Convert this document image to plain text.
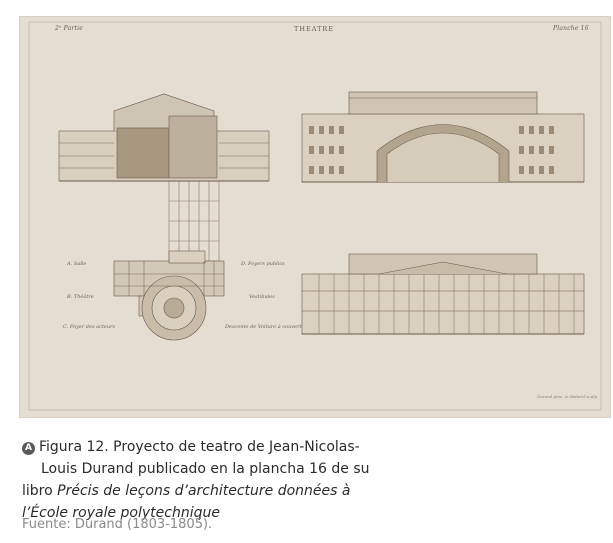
2ᵉ Partie	THEATRE	Planche 16
A. Salle
B. Théâtre
C. Foyer des acteurs
D. Foyers publics
Vestibules
Descente de Voiture à couvert
Durand pinx. et Baltard sculp.
A Figura 12. Proyecto de teatro de Jean-Nicolas-
Louis Durand publicado en la plancha 16 de su
libro Précis de leçons d’architecture données à
l’École royale polytechnique
Fuente: Durand (1803-1805).
